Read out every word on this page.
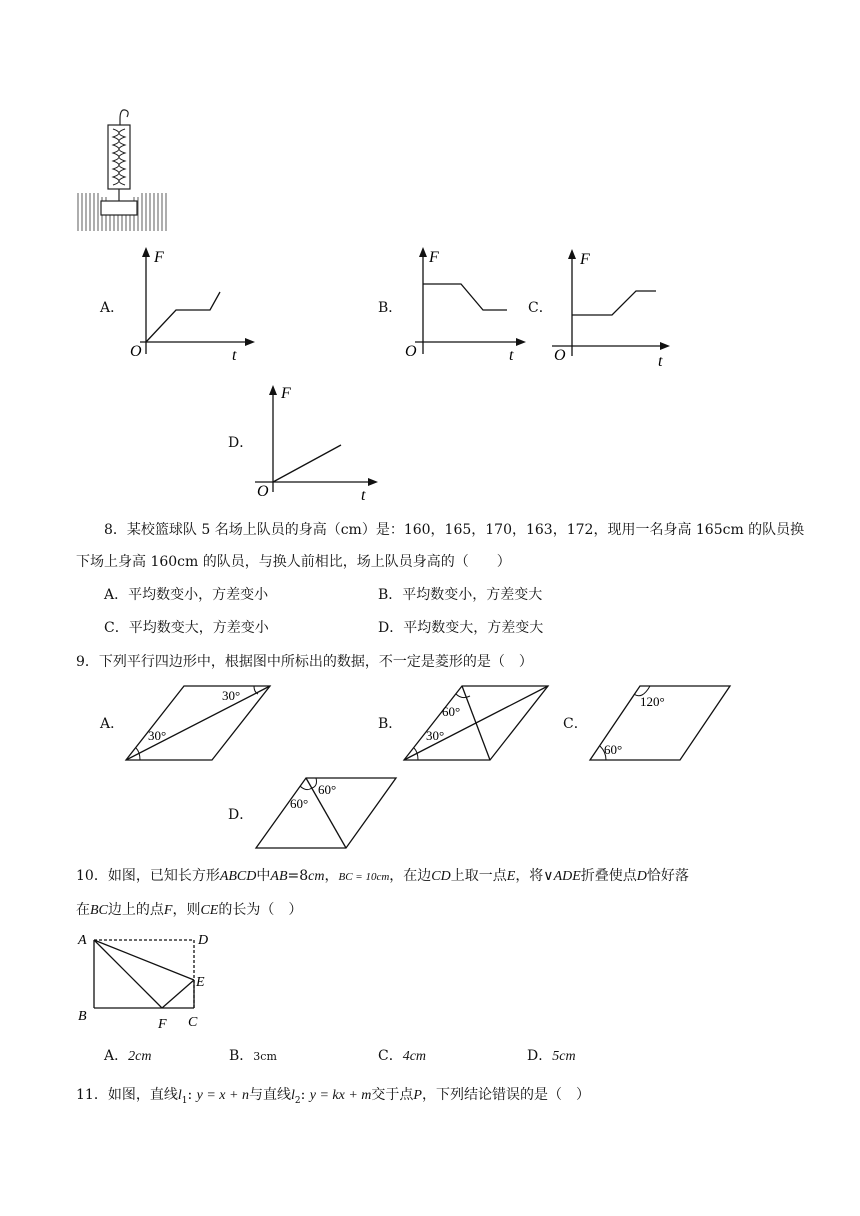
A．
F
O	t
B．
F
O	t
C．
F
O	t
D．
F
O	t
8．某校篮球队 5 名场上队员的身高（cm）是：160，165，170，163，172，现用一名身高 165cm 的队员换
下场上身高 160cm 的队员，与换人前相比，场上队员身高的（　　）
A．平均数变小，方差变小	B．平均数变小，方差变大
C．平均数变大，方差变小	D．平均数变大，方差变大
9．下列平行四边形中，根据图中所标出的数据，不一定是菱形的是（　）
A．
30°
30°
B．
60°
30°
C．
120°
60°
D．
60°
60°
10．如图，已知长方形ABCD中AB=8cm，BC = 10cm，在边CD上取一点E，将∨ADE折叠使点D恰好落
在BC边上的点F，则CE的长为（　）
A	D
E
B
F C
A．2cm	B．3cm	C．4cm	D．5cm
11．如图，直线$l_1$: y = x + n与直线$l_2$: y = kx + m交于点P，下列结论错误的是（　）
